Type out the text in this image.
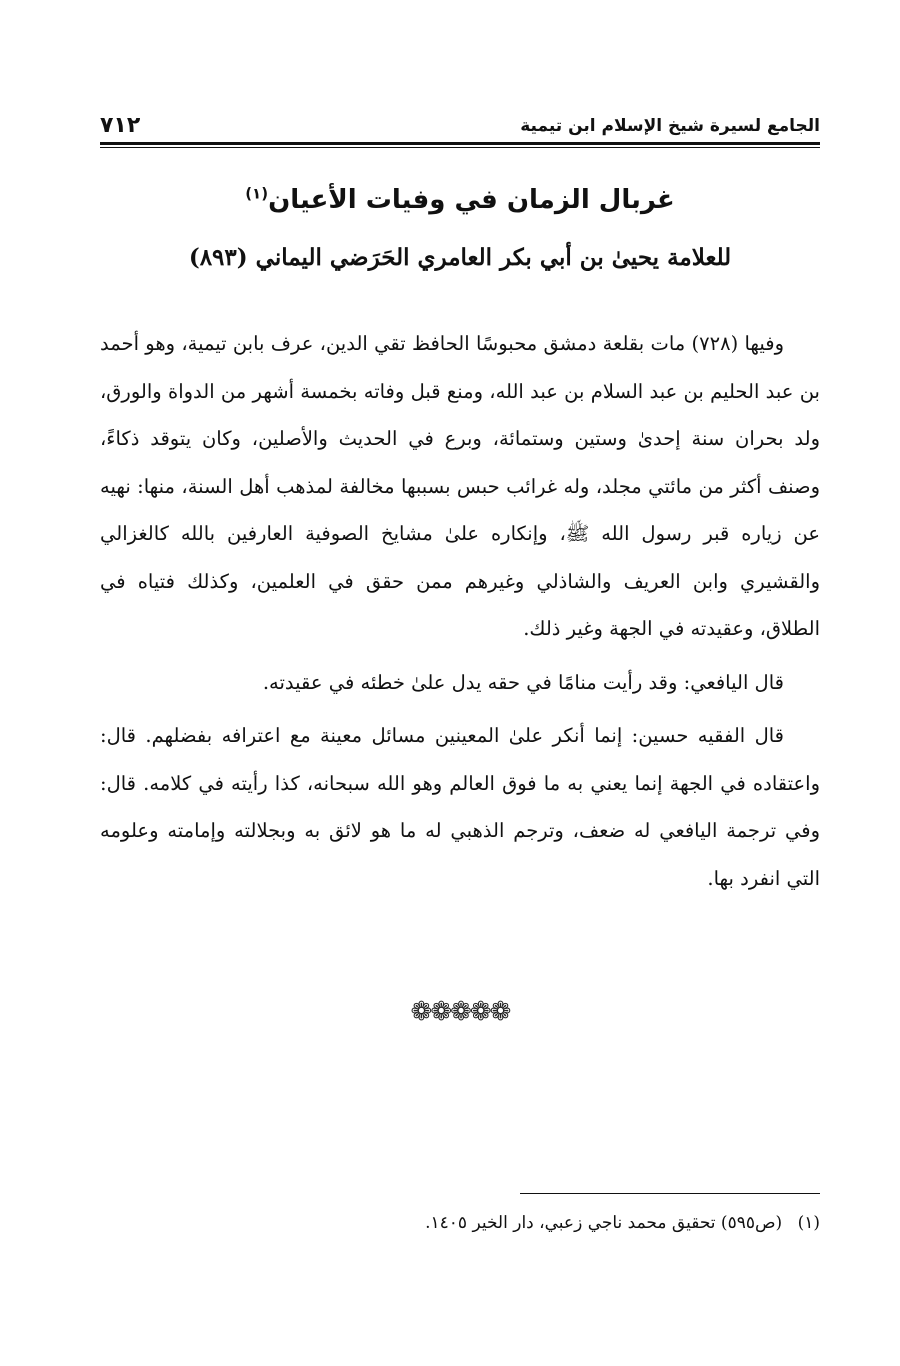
الجامع لسيرة شيخ الإسلام ابن تيمية
٧١٢
غربال الزمان في وفيات الأعيان$^{(١)}$
للعلامة يحيىٰ بن أبي بكر العامري الحَرَضي اليماني (٨٩٣)

وفيها (٧٢٨) مات بقلعة دمشق محبوسًا الحافظ تقي الدين، عرف بابن تيمية، وهو أحمد بن عبد الحليم بن عبد السلام بن عبد الله، ومنع قبل وفاته بخمسة أشهر من الدواة والورق، ولد بحران سنة إحدىٰ وستين وستمائة، وبرع في الحديث والأصلين، وكان يتوقد ذكاءً، وصنف أكثر من مائتي مجلد، وله غرائب حبس بسببها مخالفة لمذهب أهل السنة، منها: نهيه عن زياره قبر رسول الله ﷺ، وإنكاره علىٰ مشايخ الصوفية العارفين بالله كالغزالي والقشيري وابن العريف والشاذلي وغيرهم ممن حقق في العلمين، وكذلك فتياه في الطلاق، وعقيدته في الجهة وغير ذلك.

قال اليافعي: وقد رأيت منامًا في حقه يدل علىٰ خطئه في عقيدته.

قال الفقيه حسين: إنما أنكر علىٰ المعينين مسائل معينة مع اعترافه بفضلهم. قال: واعتقاده في الجهة إنما يعني به ما فوق العالم وهو الله سبحانه، كذا رأيته في كلامه. قال: وفي ترجمة اليافعي له ضعف، وترجم الذهبي له ما هو لائق به وبجلالته وإمامته وعلومه التي انفرد بها.

❁❁❁❁❁
(١) (ص٥٩٥) تحقيق محمد ناجي زعبي، دار الخير ١٤٠٥.
